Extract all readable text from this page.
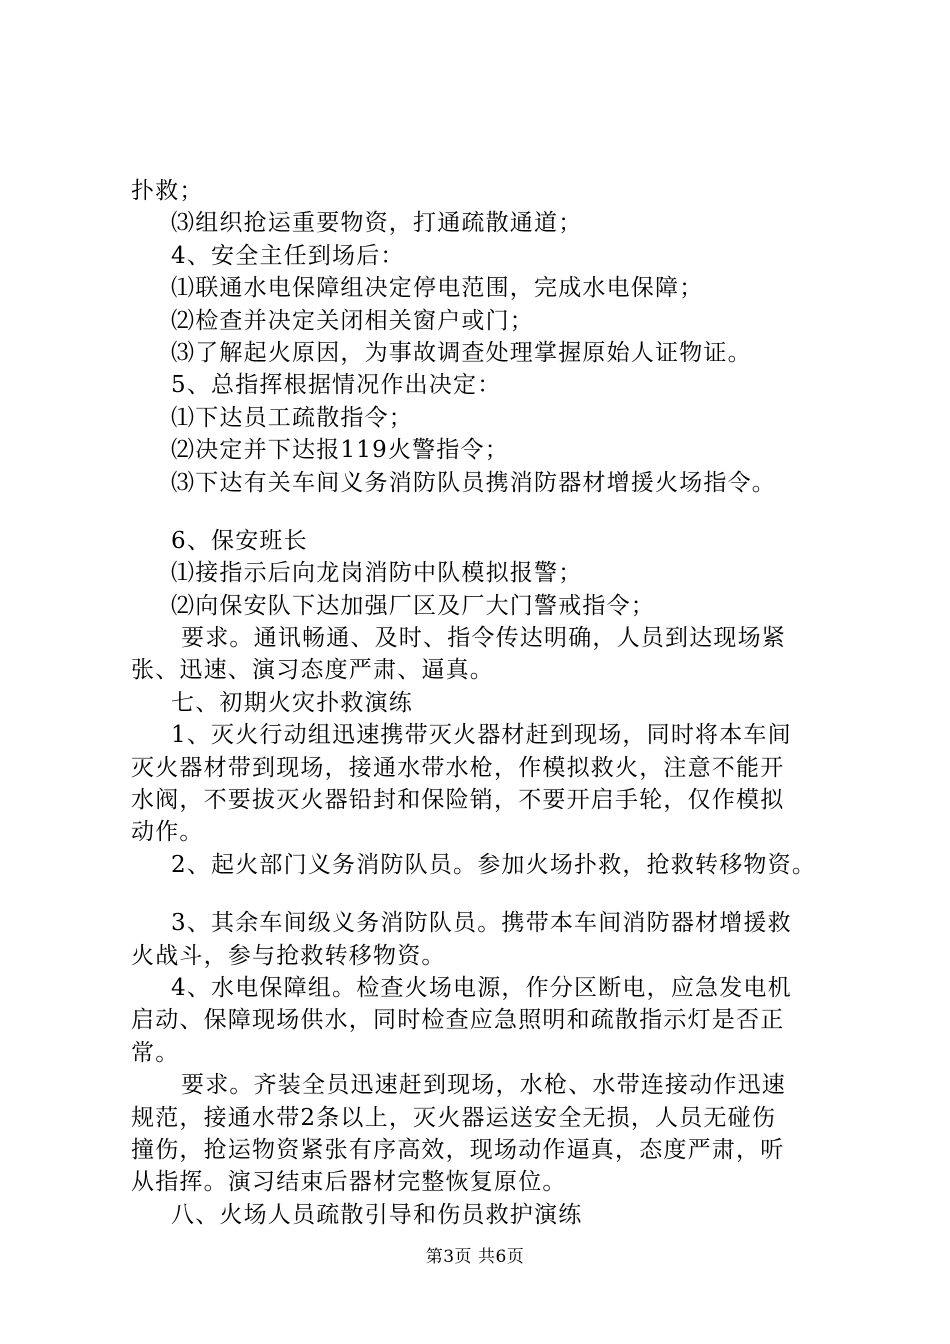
扑救；
⑶组织抢运重要物资，打通疏散通道；
4、安全主任到场后：
⑴联通水电保障组决定停电范围，完成水电保障；
⑵检查并决定关闭相关窗户或门；
⑶了解起火原因，为事故调查处理掌握原始人证物证。
5、总指挥根据情况作出决定：
⑴下达员工疏散指令；
⑵决定并下达报119火警指令；
⑶下达有关车间义务消防队员携消防器材增援火场指令。
6、保安班长
⑴接指示后向龙岗消防中队模拟报警；
⑵向保安队下达加强厂区及厂大门警戒指令；
要求。通讯畅通、及时、指令传达明确，人员到达现场紧
张、迅速、演习态度严肃、逼真。
七、初期火灾扑救演练
1、灭火行动组迅速携带灭火器材赶到现场，同时将本车间
灭火器材带到现场，接通水带水枪，作模拟救火，注意不能开
水阀，不要拔灭火器铅封和保险销，不要开启手轮，仅作模拟
动作。
2、起火部门义务消防队员。参加火场扑救，抢救转移物资。
3、其余车间级义务消防队员。携带本车间消防器材增援救
火战斗，参与抢救转移物资。
4、水电保障组。检查火场电源，作分区断电，应急发电机
启动、保障现场供水，同时检查应急照明和疏散指示灯是否正
常。
要求。齐装全员迅速赶到现场，水枪、水带连接动作迅速
规范，接通水带2条以上，灭火器运送安全无损，人员无碰伤
撞伤，抢运物资紧张有序高效，现场动作逼真，态度严肃，听
从指挥。演习结束后器材完整恢复原位。
八、火场人员疏散引导和伤员救护演练
第3页 共6页
